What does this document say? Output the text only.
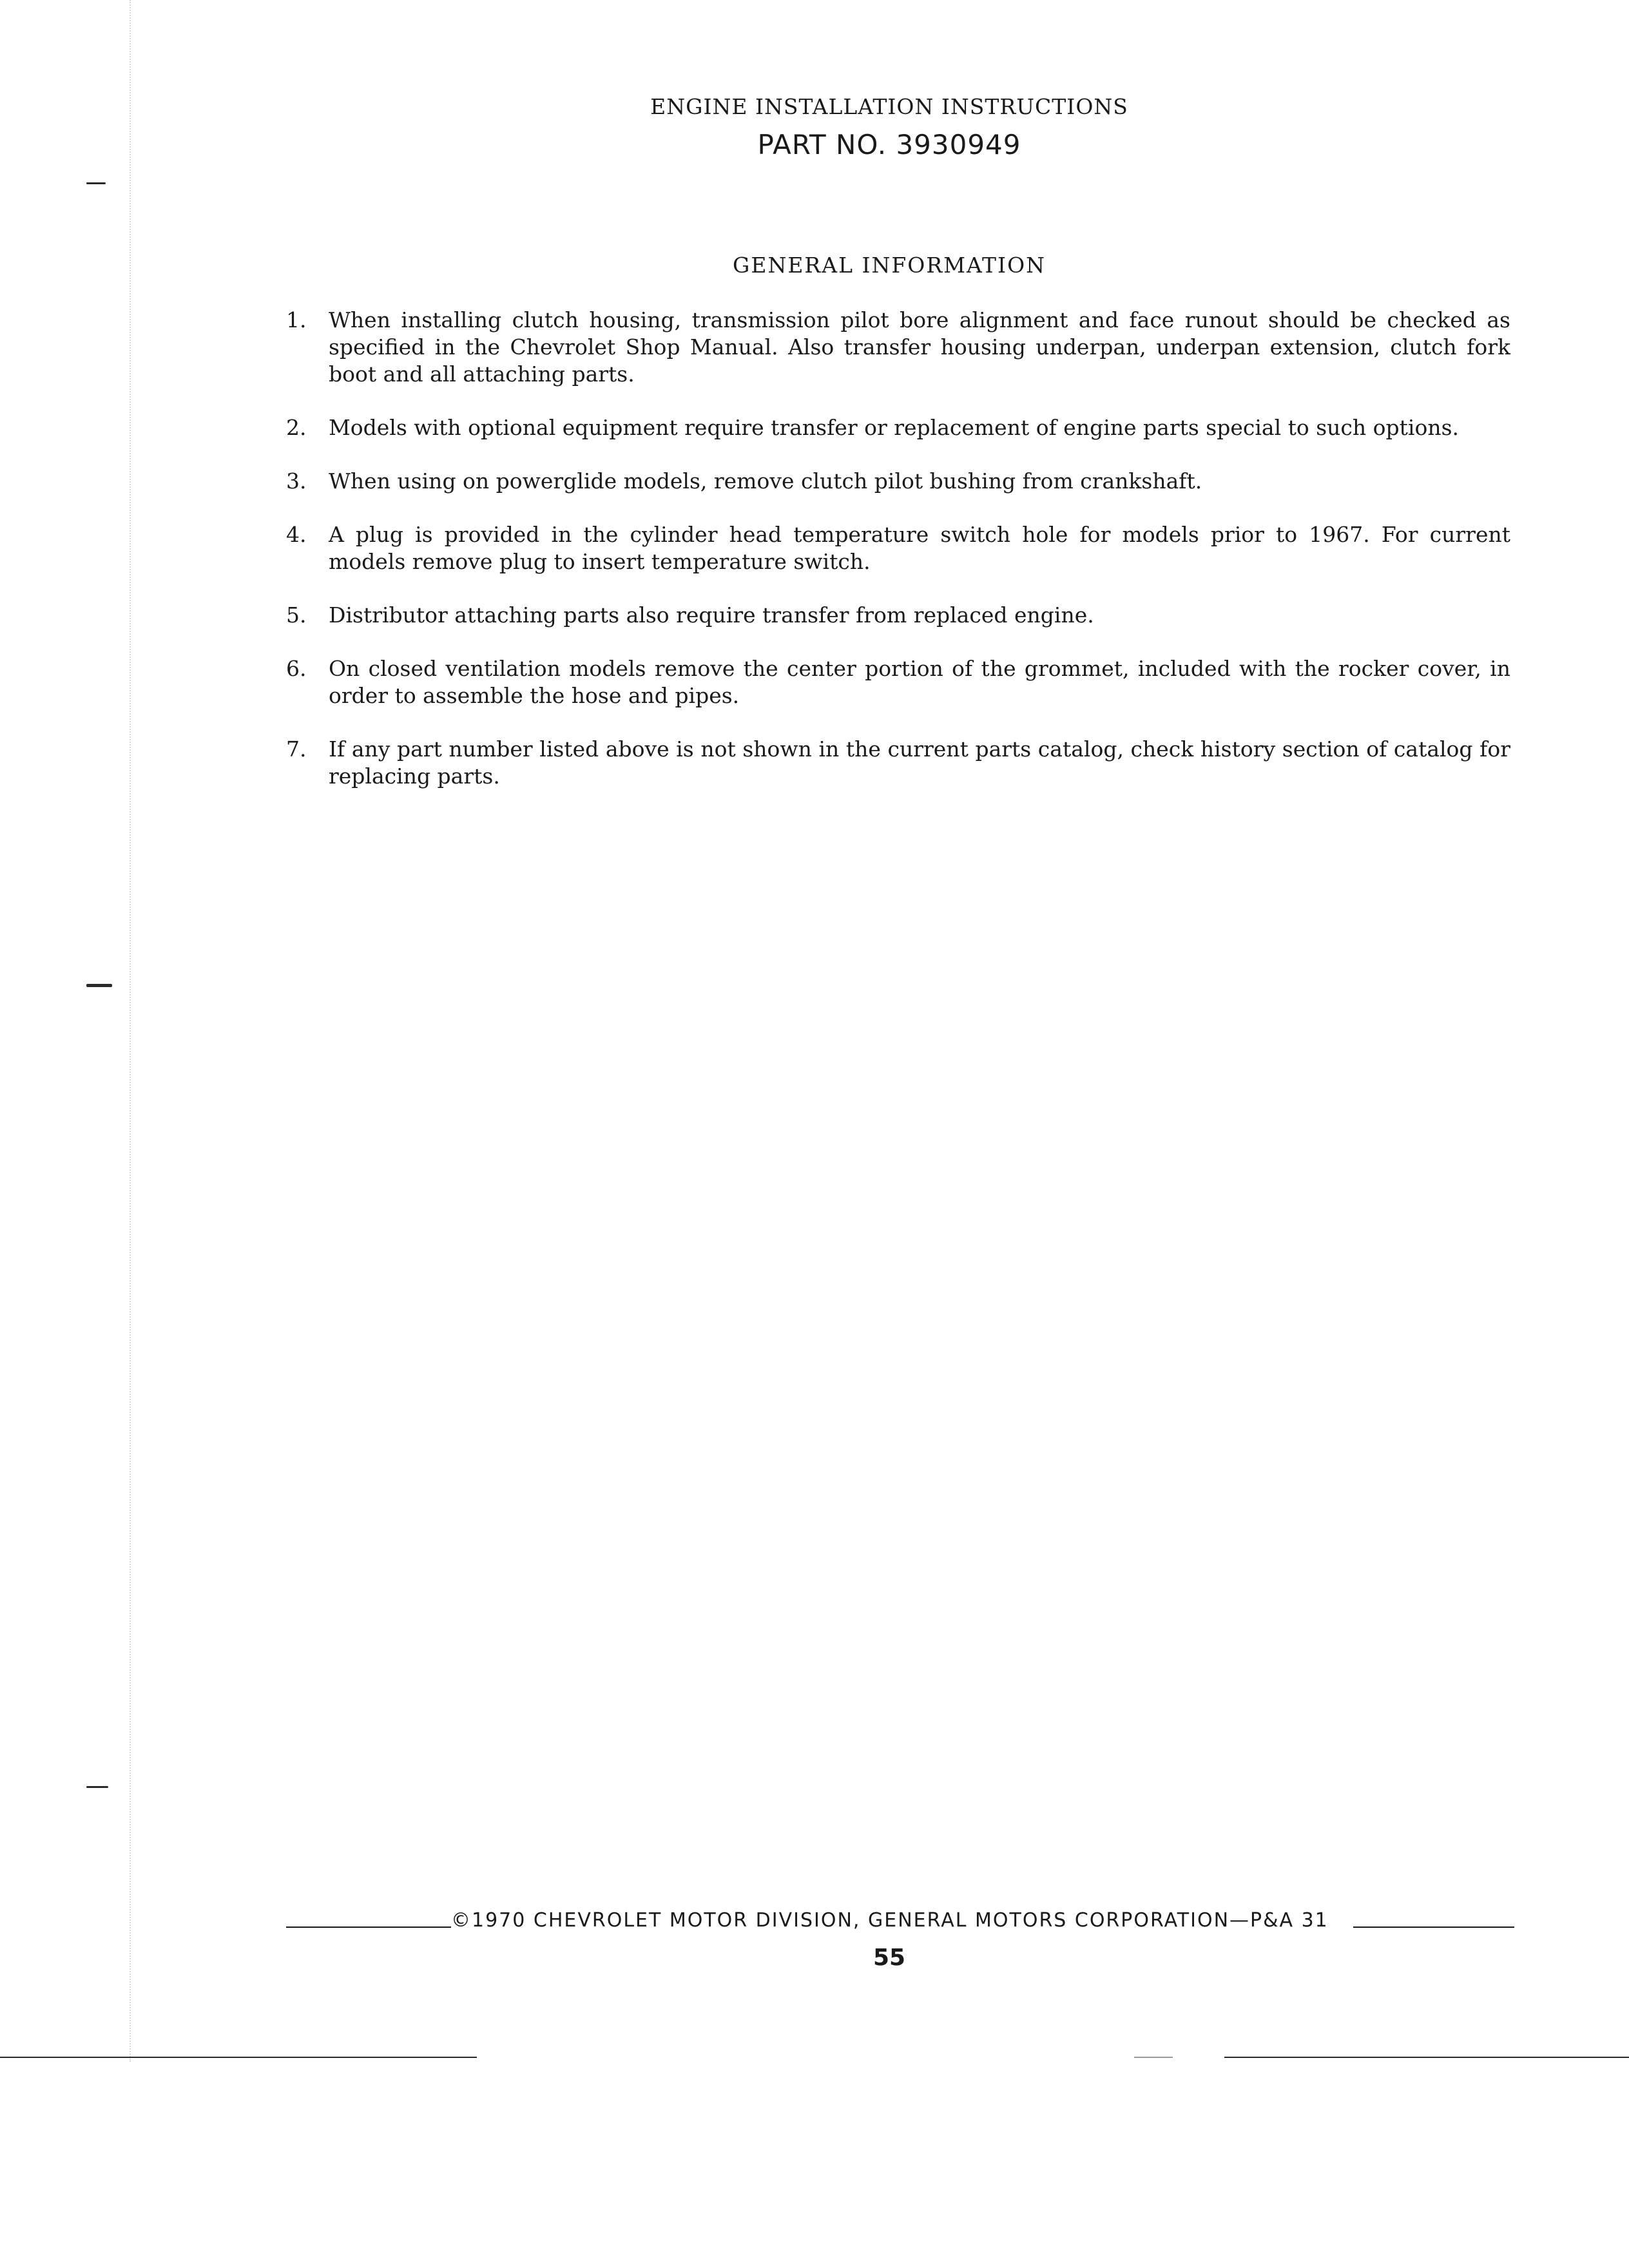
ENGINE INSTALLATION INSTRUCTIONS
PART NO. 3930949
GENERAL INFORMATION
1. When installing clutch housing, transmission pilot bore alignment and face runout should be checked as specified in the Chevrolet Shop Manual. Also transfer housing underpan, underpan extension, clutch fork boot and all attaching parts.
2. Models with optional equipment require transfer or replacement of engine parts special to such options.
3. When using on powerglide models, remove clutch pilot bushing from crankshaft.
4. A plug is provided in the cylinder head temperature switch hole for models prior to 1967. For current models remove plug to insert temperature switch.
5. Distributor attaching parts also require transfer from replaced engine.
6. On closed ventilation models remove the center portion of the grommet, included with the rocker cover, in order to assemble the hose and pipes.
7. If any part number listed above is not shown in the current parts catalog, check history section of catalog for replacing parts.
©1970 CHEVROLET MOTOR DIVISION, GENERAL MOTORS CORPORATION—P&A 31
55
